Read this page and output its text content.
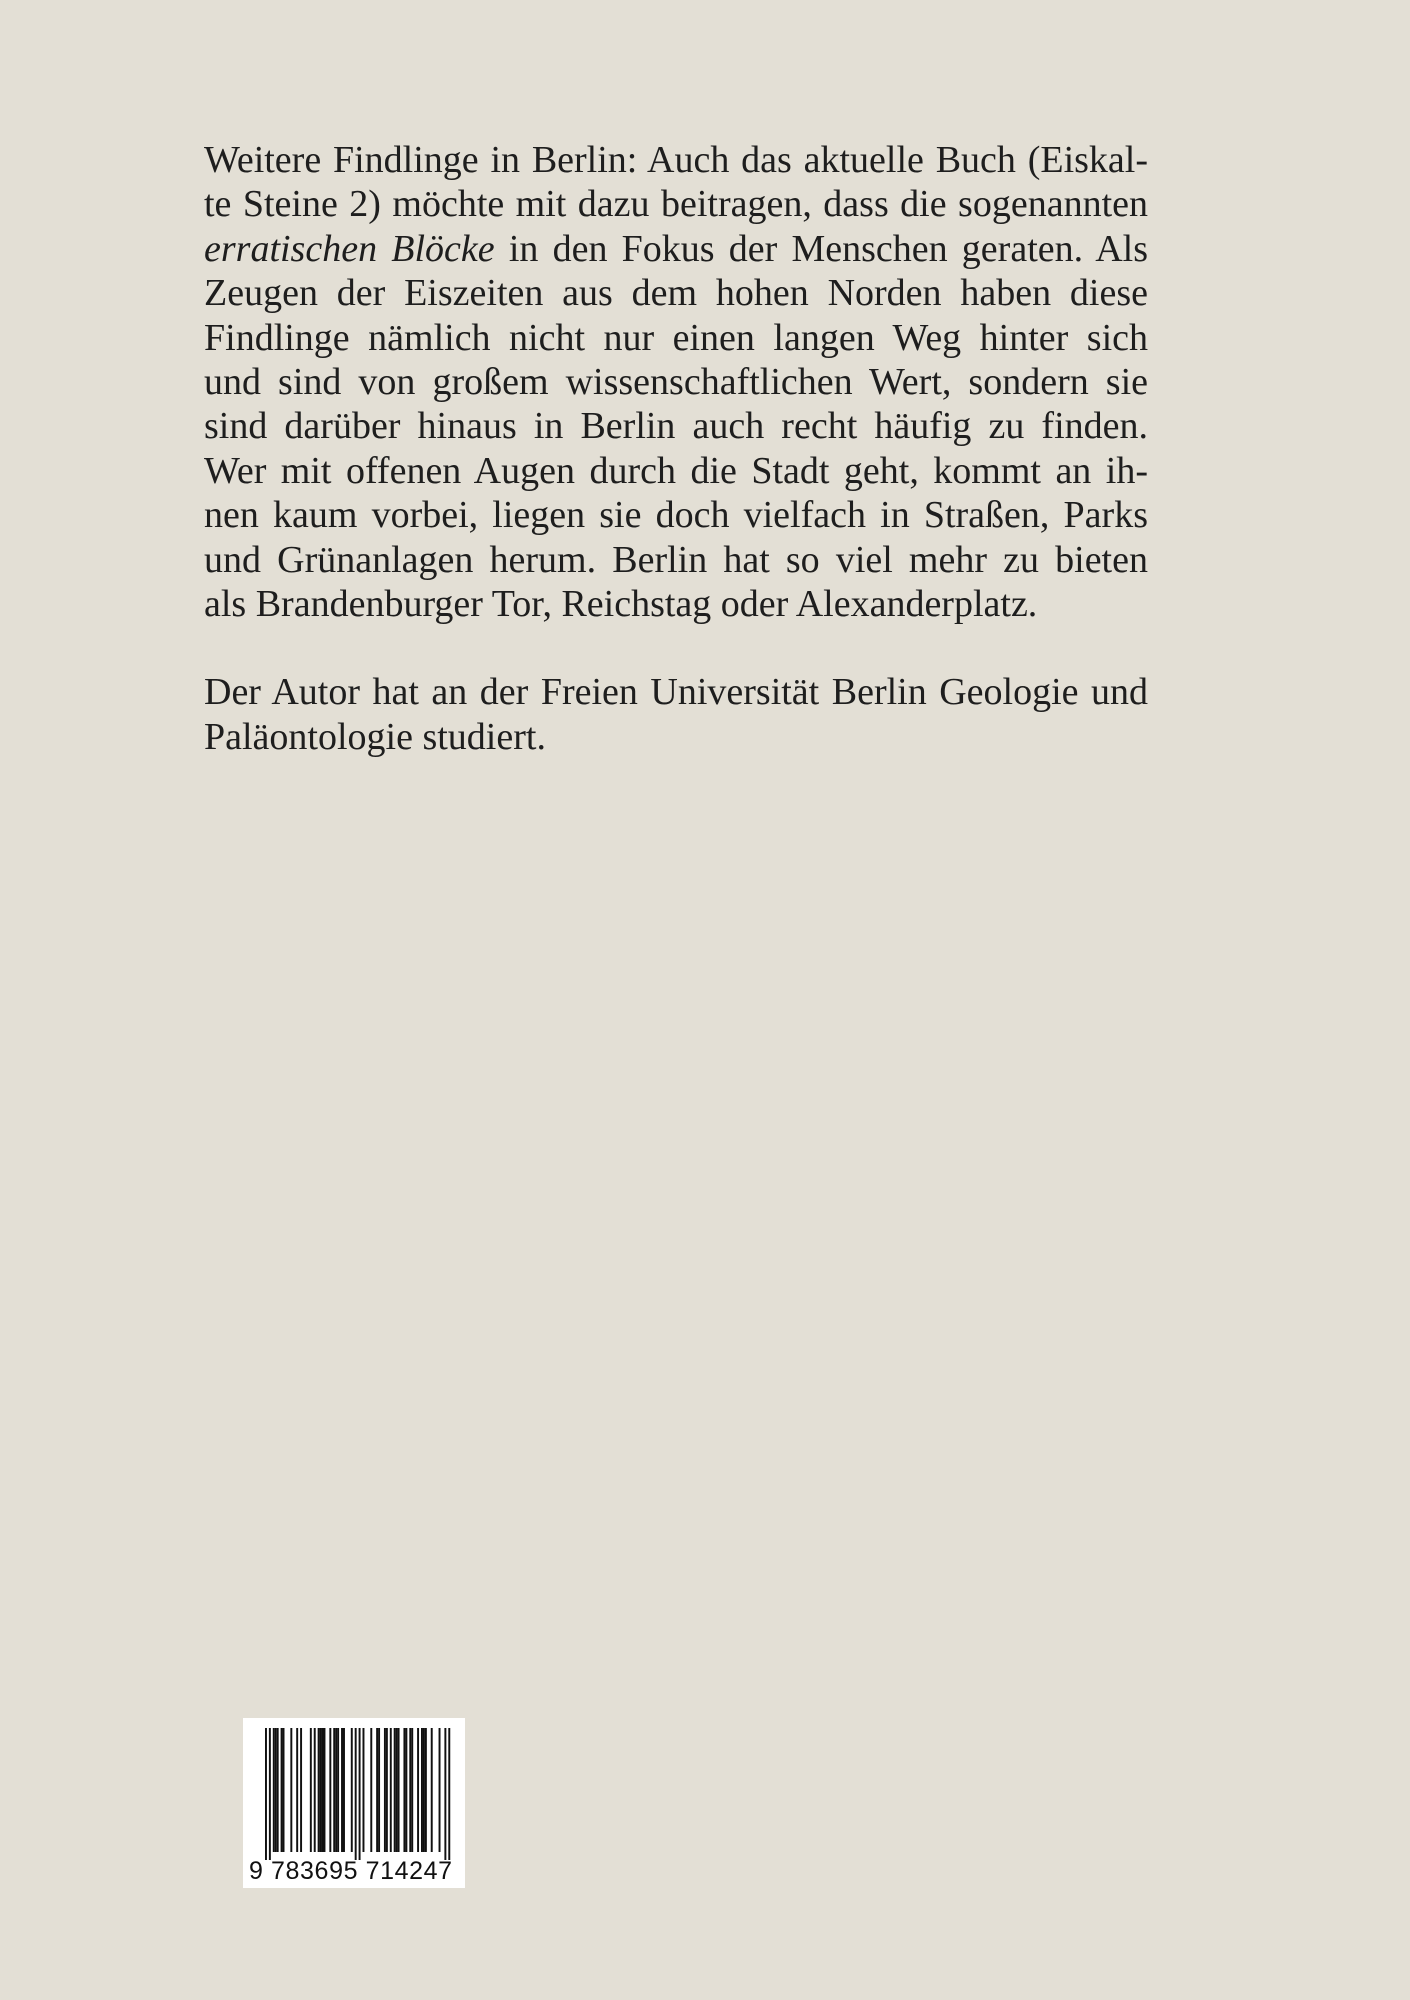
Weitere Findlinge in Berlin: Auch das aktuelle Buch (Eiskal-
te Steine 2) möchte mit dazu beitragen, dass die sogenannten
erratischen Blöcke in den Fokus der Menschen geraten. Als
Zeugen der Eiszeiten aus dem hohen Norden haben diese
Findlinge nämlich nicht nur einen langen Weg hinter sich
und sind von großem wissenschaftlichen Wert, sondern sie
sind darüber hinaus in Berlin auch recht häufig zu finden.
Wer mit offenen Augen durch die Stadt geht, kommt an ih-
nen kaum vorbei, liegen sie doch vielfach in Straßen, Parks
und Grünanlagen herum. Berlin hat so viel mehr zu bieten
als Brandenburger Tor, Reichstag oder Alexanderplatz.

Der Autor hat an der Freien Universität Berlin Geologie und
Paläontologie studiert.

9 783695 714247
